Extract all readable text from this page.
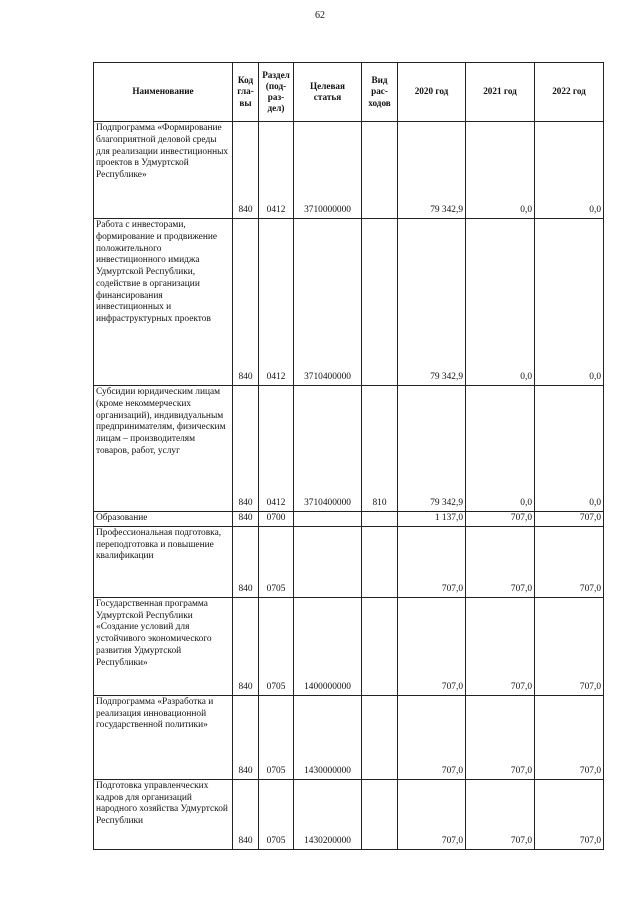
62
Наименование	Код гла- вы	Раздел (под- раз- дел)	Целевая статья	Вид рас- ходов	2020 год	2021 год	2022 год
Подпрограмма «Формирование благоприятной деловой среды для реализации инвестиционных проектов в Удмуртской Республике»	840	0412	3710000000		79 342,9	0,0	0,0
Работа с инвесторами, формирование и продвижение положительного инвестиционного имиджа Удмуртской Республики, содействие в организации финансирования инвестиционных и инфраструктурных проектов	840	0412	3710400000		79 342,9	0,0	0,0
Субсидии юридическим лицам (кроме некоммерческих организаций), индивидуальным предпринимателям, физическим лицам – производителям товаров, работ, услуг	840	0412	3710400000	810	79 342,9	0,0	0,0
Образование	840	0700			1 137,0	707,0	707,0
Профессиональная подготовка, переподготовка и повышение квалификации	840	0705			707,0	707,0	707,0
Государственная программа Удмуртской Республики «Создание условий для устойчивого экономического развития Удмуртской Республики»	840	0705	1400000000		707,0	707,0	707,0
Подпрограмма «Разработка и реализация инновационной государственной политики»	840	0705	1430000000		707,0	707,0	707,0
Подготовка управленческих кадров для организаций народного хозяйства Удмуртской Республики	840	0705	1430200000		707,0	707,0	707,0
